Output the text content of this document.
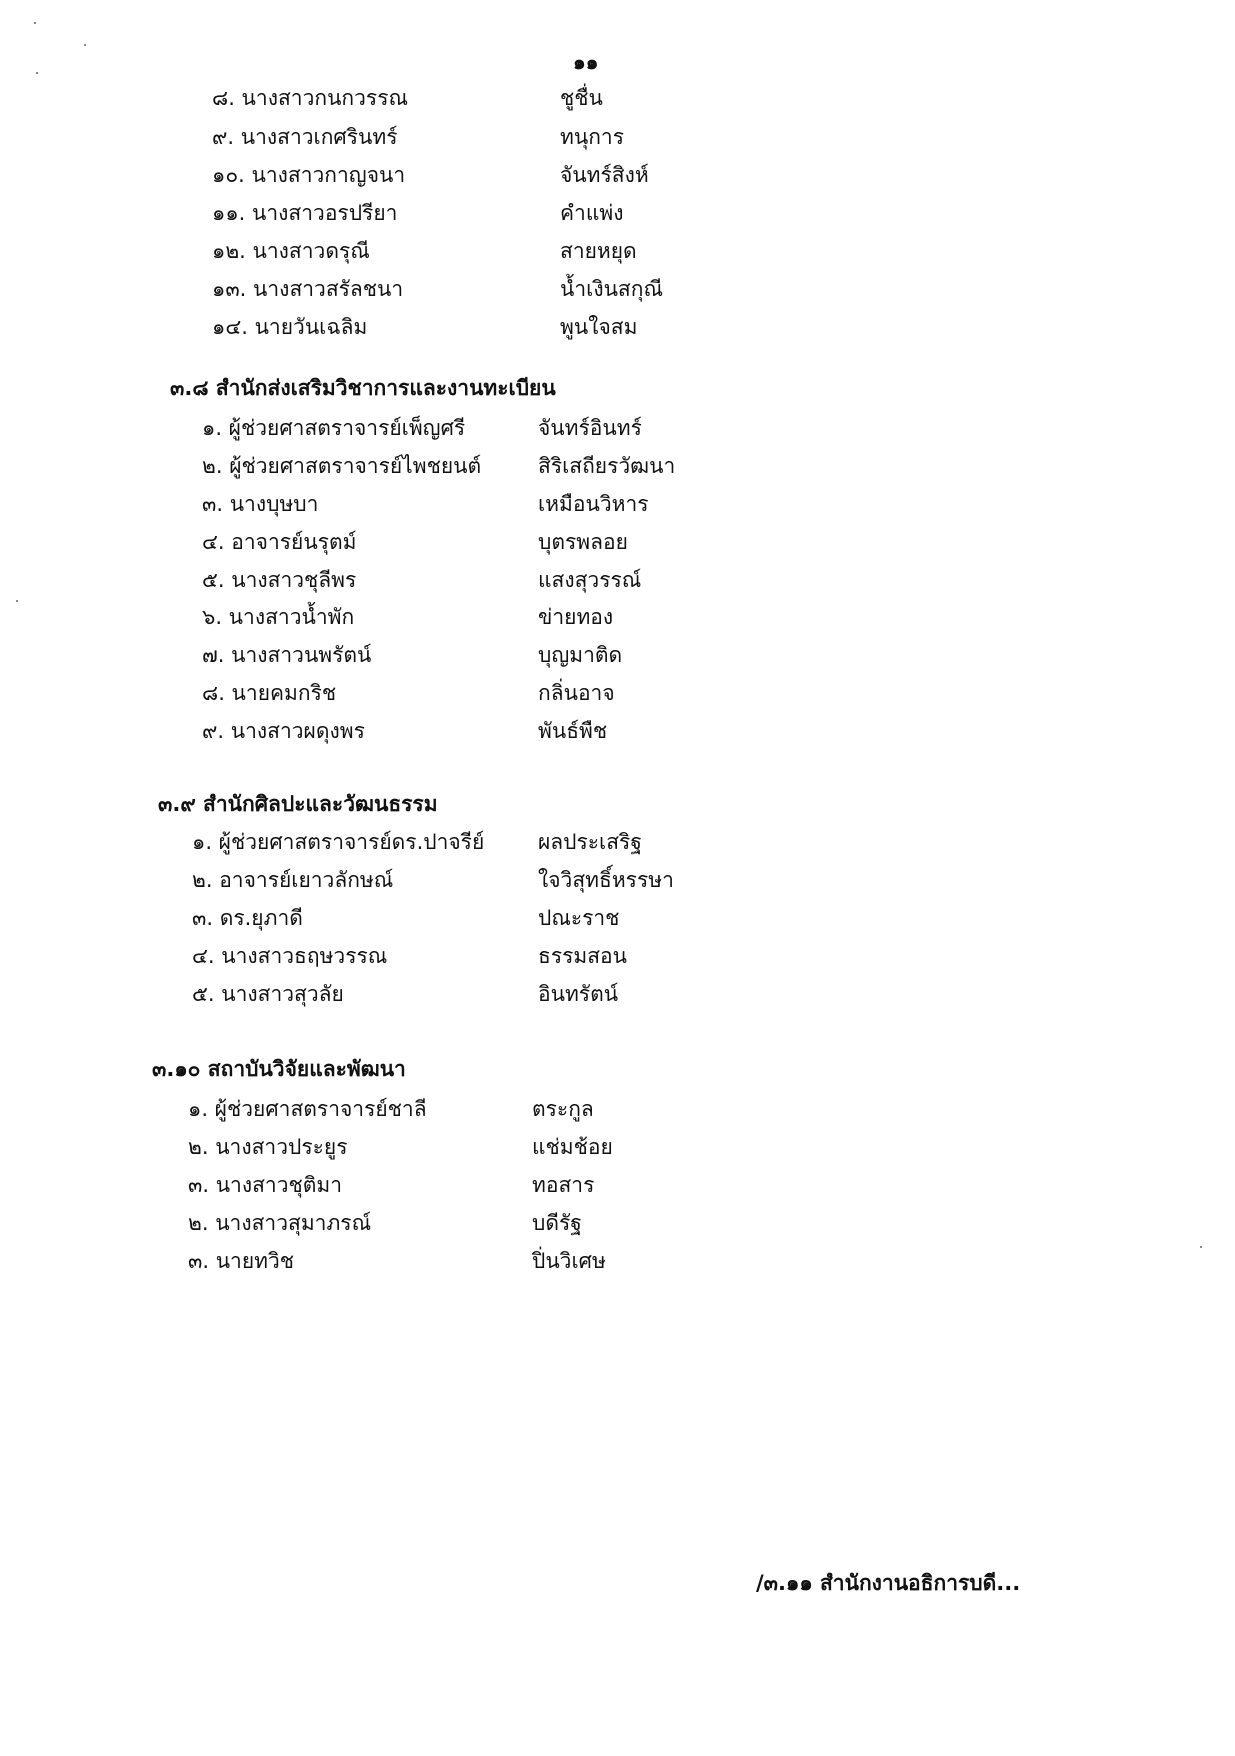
๑๑
๘. นางสาวกนกวรรณ	ชูชื่น
๙. นางสาวเกศรินทร์	ทนุการ
๑๐. นางสาวกาญจนา	จันทร์สิงห์
๑๑. นางสาวอรปรียา	คำแพ่ง
๑๒. นางสาวดรุณี	สายหยุด
๑๓. นางสาวสรัลชนา	น้ำเงินสกุณี
๑๔. นายวันเฉลิม	พูนใจสม
๓.๘ สำนักส่งเสริมวิชาการและงานทะเบียน
๑. ผู้ช่วยศาสตราจารย์เพ็ญศรี	จันทร์อินทร์
๒. ผู้ช่วยศาสตราจารย์ไพชยนต์	สิริเสถียรวัฒนา
๓. นางบุษบา	เหมือนวิหาร
๔. อาจารย์นรุตม์	บุตรพลอย
๕. นางสาวชุลีพร	แสงสุวรรณ์
๖. นางสาวน้ำพัก	ข่ายทอง
๗. นางสาวนพรัตน์	บุญมาติด
๘. นายคมกริช	กลิ่นอาจ
๙. นางสาวผดุงพร	พันธ์พืช
๓.๙ สำนักศิลปะและวัฒนธรรม
๑. ผู้ช่วยศาสตราจารย์ดร.ปาจรีย์	ผลประเสริฐ
๒. อาจารย์เยาวลักษณ์	ใจวิสุทธิ์หรรษา
๓. ดร.ยุภาดี	ปณะราช
๔. นางสาวธฤษวรรณ	ธรรมสอน
๕. นางสาวสุวลัย	อินทรัตน์
๓.๑๐ สถาบันวิจัยและพัฒนา
๑. ผู้ช่วยศาสตราจารย์ชาลี	ตระกูล
๒. นางสาวประยูร	แช่มช้อย
๓. นางสาวชุติมา	ทอสาร
๒. นางสาวสุมาภรณ์	บดีรัฐ
๓. นายทวิช	ปิ่นวิเศษ
/๓.๑๑ สำนักงานอธิการบดี...
